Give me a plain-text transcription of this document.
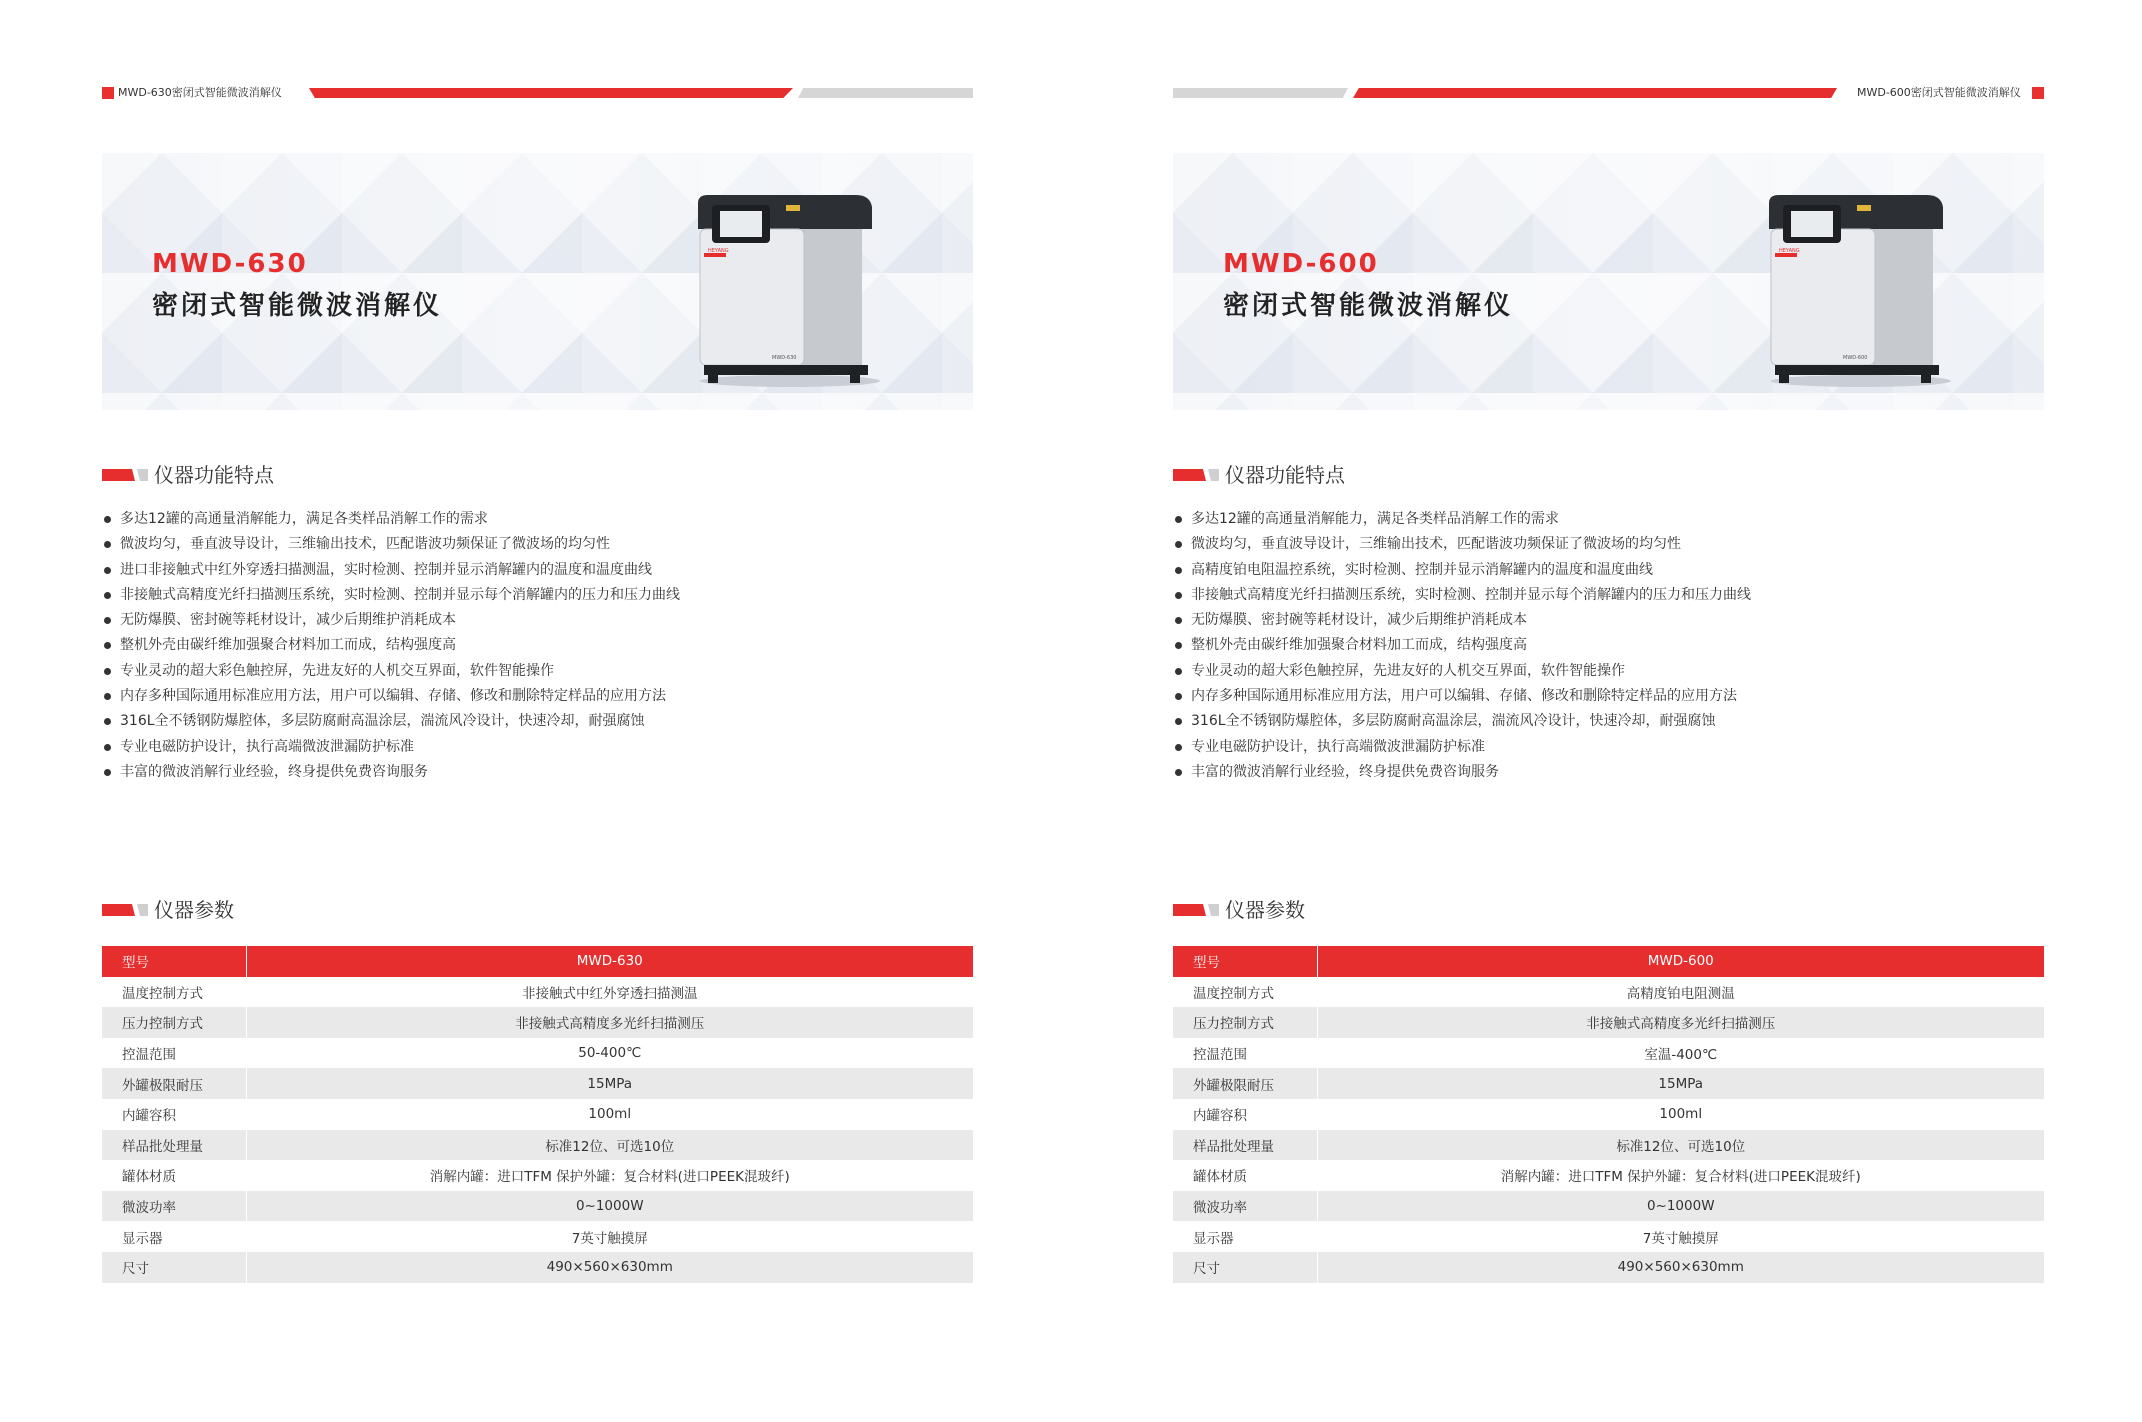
MWD-630密闭式智能微波消解仪
MWD-630
密闭式智能微波消解仪
HEYANG
MWD-630
仪器功能特点
多达12罐的高通量消解能力，满足各类样品消解工作的需求
微波均匀，垂直波导设计，三维输出技术，匹配谐波功频保证了微波场的均匀性
进口非接触式中红外穿透扫描测温，实时检测、控制并显示消解罐内的温度和温度曲线
非接触式高精度光纤扫描测压系统，实时检测、控制并显示每个消解罐内的压力和压力曲线
无防爆膜、密封碗等耗材设计，减少后期维护消耗成本
整机外壳由碳纤维加强聚合材料加工而成，结构强度高
专业灵动的超大彩色触控屏，先进友好的人机交互界面，软件智能操作
内存多种国际通用标准应用方法，用户可以编辑、存储、修改和删除特定样品的应用方法
316L全不锈钢防爆腔体，多层防腐耐高温涂层，湍流风冷设计，快速冷却，耐强腐蚀
专业电磁防护设计，执行高端微波泄漏防护标准
丰富的微波消解行业经验，终身提供免费咨询服务
仪器参数
型号	MWD-630
温度控制方式	非接触式中红外穿透扫描测温
压力控制方式	非接触式高精度多光纤扫描测压
控温范围	50-400℃
外罐极限耐压	15MPa
内罐容积	100ml
样品批处理量	标准12位、可选10位
罐体材质	消解内罐：进口TFM 保护外罐：复合材料(进口PEEK混玻纤)
微波功率	0~1000W
显示器	7英寸触摸屏
尺寸	490×560×630mm
MWD-600密闭式智能微波消解仪
MWD-600
密闭式智能微波消解仪
HEYANG
MWD-600
仪器功能特点
多达12罐的高通量消解能力，满足各类样品消解工作的需求
微波均匀，垂直波导设计，三维输出技术，匹配谐波功频保证了微波场的均匀性
高精度铂电阻温控系统，实时检测、控制并显示消解罐内的温度和温度曲线
非接触式高精度光纤扫描测压系统，实时检测、控制并显示每个消解罐内的压力和压力曲线
无防爆膜、密封碗等耗材设计，减少后期维护消耗成本
整机外壳由碳纤维加强聚合材料加工而成，结构强度高
专业灵动的超大彩色触控屏，先进友好的人机交互界面，软件智能操作
内存多种国际通用标准应用方法，用户可以编辑、存储、修改和删除特定样品的应用方法
316L全不锈钢防爆腔体，多层防腐耐高温涂层，湍流风冷设计，快速冷却，耐强腐蚀
专业电磁防护设计，执行高端微波泄漏防护标准
丰富的微波消解行业经验，终身提供免费咨询服务
仪器参数
型号	MWD-600
温度控制方式	高精度铂电阻测温
压力控制方式	非接触式高精度多光纤扫描测压
控温范围	室温-400℃
外罐极限耐压	15MPa
内罐容积	100ml
样品批处理量	标准12位、可选10位
罐体材质	消解内罐：进口TFM 保护外罐：复合材料(进口PEEK混玻纤)
微波功率	0~1000W
显示器	7英寸触摸屏
尺寸	490×560×630mm
